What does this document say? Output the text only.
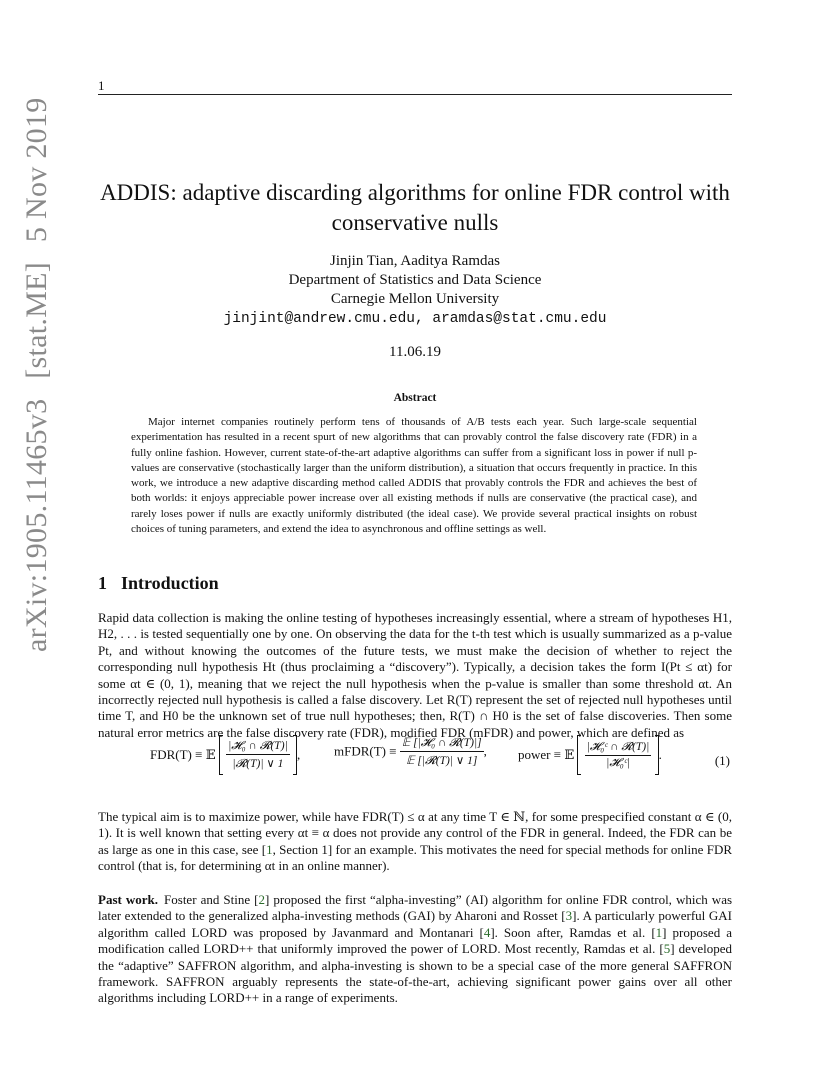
1
arXiv:1905.11465v3 [stat.ME] 5 Nov 2019 ADDIS: adaptive discarding algorithms for online FDR control with conservative nulls
Jinjin Tian, Aaditya Ramdas
Department of Statistics and Data Science
Carnegie Mellon University
jinjint@andrew.cmu.edu, aramdas@stat.cmu.edu
11.06.19
Abstract

Major internet companies routinely perform tens of thousands of A/B tests each year. Such large-scale sequential experimentation has resulted in a recent spurt of new algorithms that can provably control the false discovery rate (FDR) in a fully online fashion. However, current state-of-the-art adaptive algorithms can suffer from a significant loss in power if null p-values are conservative (stochastically larger than the uniform distribution), a situation that occurs frequently in practice. In this work, we introduce a new adaptive discarding method called ADDIS that provably controls the FDR and achieves the best of both worlds: it enjoys appreciable power increase over all existing methods if nulls are conservative (the practical case), and rarely loses power if nulls are exactly uniformly distributed (the ideal case). We provide several practical insights on robust choices of tuning parameters, and extend the idea to asynchronous and offline settings as well.

1 Introduction

Rapid data collection is making the online testing of hypotheses increasingly essential, where a stream of hypotheses H1, H2, . . . is tested sequentially one by one. On observing the data for the t-th test which is usually summarized as a p-value Pt, and without knowing the outcomes of the future tests, we must make the decision of whether to reject the corresponding null hypothesis Ht (thus proclaiming a “discovery”). Typically, a decision takes the form I(Pt ≤ αt) for some αt ∈ (0, 1), meaning that we reject the null hypothesis when the p-value is smaller than some threshold αt. An incorrectly rejected null hypothesis is called a false discovery. Let R(T) represent the set of rejected null hypotheses until time T, and H0 be the unknown set of true null hypotheses; then, R(T) ∩ H0 is the set of false discoveries. Then some natural error metrics are the false discovery rate (FDR), modified FDR (mFDR) and power, which are defined as

FDR(T) ≡ 𝔼 $\frac{\text{|𝓗₀ ∩ 𝓡(T)|}}{\text{|𝓡(T)| ∨ 1}}$ ,	mFDR(T) ≡ $\frac{\text{𝔼 [|𝓗₀ ∩ 𝓡(T)|]}}{\text{𝔼 [|𝓡(T)| ∨ 1]}}$ , power ≡ 𝔼 $\frac{\text{|𝓗₀ᶜ ∩ 𝓡(T)|}}{\text{|𝓗₀ᶜ|}}$ .	(1)

The typical aim is to maximize power, while have FDR(T) ≤ α at any time T ∈ ℕ, for some prespecified constant α ∈ (0, 1). It is well known that setting every αt ≡ α does not provide any control of the FDR in general. Indeed, the FDR can be as large as one in this case, see [1, Section 1] for an example. This motivates the need for special methods for online FDR control (that is, for determining αt in an online manner).

Past work. Foster and Stine [2] proposed the first “alpha-investing” (AI) algorithm for online FDR control, which was later extended to the generalized alpha-investing methods (GAI) by Aharoni and Rosset [3]. A particularly powerful GAI algorithm called LORD was proposed by Javanmard and Montanari [4]. Soon after, Ramdas et al. [1] proposed a modification called LORD++ that uniformly improved the power of LORD. Most recently, Ramdas et al. [5] developed the “adaptive” SAFFRON algorithm, and alpha-investing is shown to be a special case of the more general SAFFRON framework. SAFFRON arguably represents the state-of-the-art, achieving significant power gains over all other algorithms including LORD++ in a range of experiments.
